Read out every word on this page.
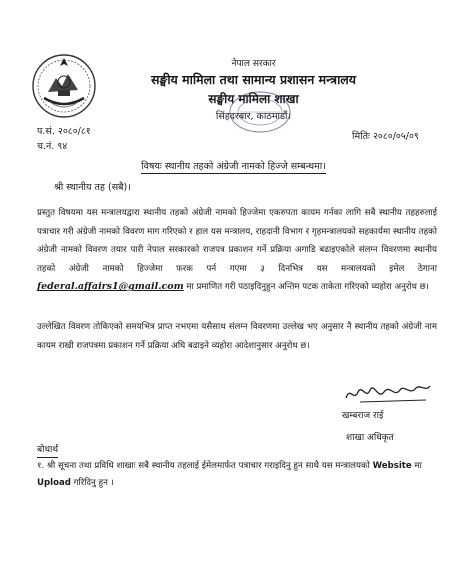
नेपाल सरकार
सङ्घीय मामिला तथा सामान्य प्रशासन मन्त्रालय
सङ्घीय मामिला शाखा
सिंहदरबार, काठमाडौं।
प.सं. २०८०/८१
च.नं. ९४
मितिः २०८०/०५/०९
विषयः स्थानीय तहको अंग्रेजी नामको हिज्जे सम्बन्धमा।
श्री स्थानीय तह (सबै)।
प्रस्तुत विषयमा यस मन्त्रालयद्वारा स्थानीय तहको अंग्रेजी नामको हिज्जेमा एकरुपता कायम गर्नका लागि सबै स्थानीय तहहरुलाई पत्राचार गरी अंग्रेजी नामको विवरण माग गरिएको र हाल यस मन्त्रालय, राहदानी विभाग र गृहमन्त्रालयको सहकार्यमा स्थानीय तहको अंग्रेजी नामको विवरण तयार पारी नेपाल सरकारको राजपत्र प्रकाशन गर्ने प्रक्रिया अगाडि बढाइएकोले संलग्न विवरणमा स्थानीय तहको अंग्रेजी नामको हिज्जेमा फरक पर्न गएमा ३ दिनभित्र यस मन्त्रालयको इमेल ठेगाना federal.affairs1@gmail.com मा प्रमाणित गरी पठाइदिनुहुन अन्तिम पटक ताकेता गरिएको व्यहोरा अनुरोध छ।
उल्लेखित विवरण तोकिएको समयभित्र प्राप्त नभएमा यसैसाथ संलग्न विवरणमा उल्लेख भए अनुसार नै स्थानीय तहको अंग्रेजी नाम कायम राखी राजपत्रमा प्रकाशन गर्ने प्रक्रिया अघि बढाइने व्यहोरा आदेशानुसार अनुरोध छ।
खम्बराज राई
शाखा अधिकृत
बोधार्थ
१. श्री सूचना तथा प्रविधि शाखाः सबै स्थानीय तहलाई ईमेलमार्फत पत्राचार गराइदिनु हुन साथै यस मन्त्रालयको Website मा Upload गरिदिनु हुन ।
